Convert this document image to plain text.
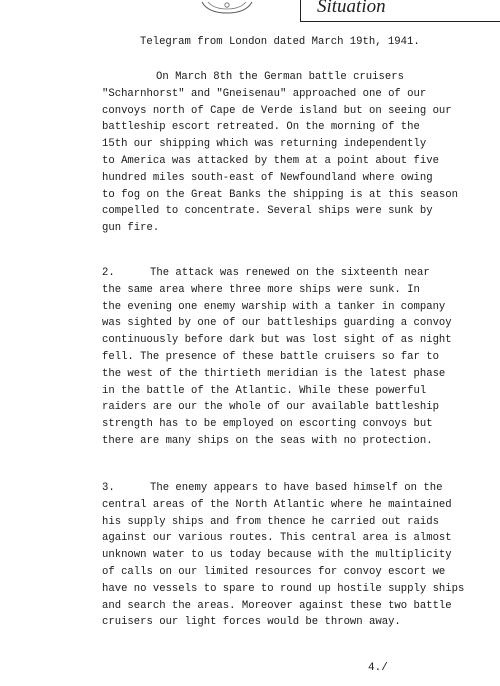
Situation
Telegram from London dated March 19th, 1941.
On March 8th the German battle cruisers
"Scharnhorst" and "Gneisenau" approached one of our
convoys north of Cape de Verde island but on seeing our
battleship escort retreated. On the morning of the
15th our shipping which was returning independently
to America was attacked by them at a point about five
hundred miles south-east of Newfoundland where owing
to fog on the Great Banks the shipping is at this season
compelled to concentrate. Several ships were sunk by
gun fire.
2.	The attack was renewed on the sixteenth near
the same area where three more ships were sunk. In
the evening one enemy warship with a tanker in company
was sighted by one of our battleships guarding a convoy
continuously before dark but was lost sight of as night
fell. The presence of these battle cruisers so far to
the west of the thirtieth meridian is the latest phase
in the battle of the Atlantic. While these powerful
raiders are our the whole of our available battleship
strength has to be employed on escorting convoys but
there are many ships on the seas with no protection.
3.	The enemy appears to have based himself on the
central areas of the North Atlantic where he maintained
his supply ships and from thence he carried out raids
against our various routes. This central area is almost
unknown water to us today because with the multiplicity
of calls on our limited resources for convoy escort we
have no vessels to spare to round up hostile supply ships
and search the areas. Moreover against these two battle
cruisers our light forces would be thrown away.
4./
